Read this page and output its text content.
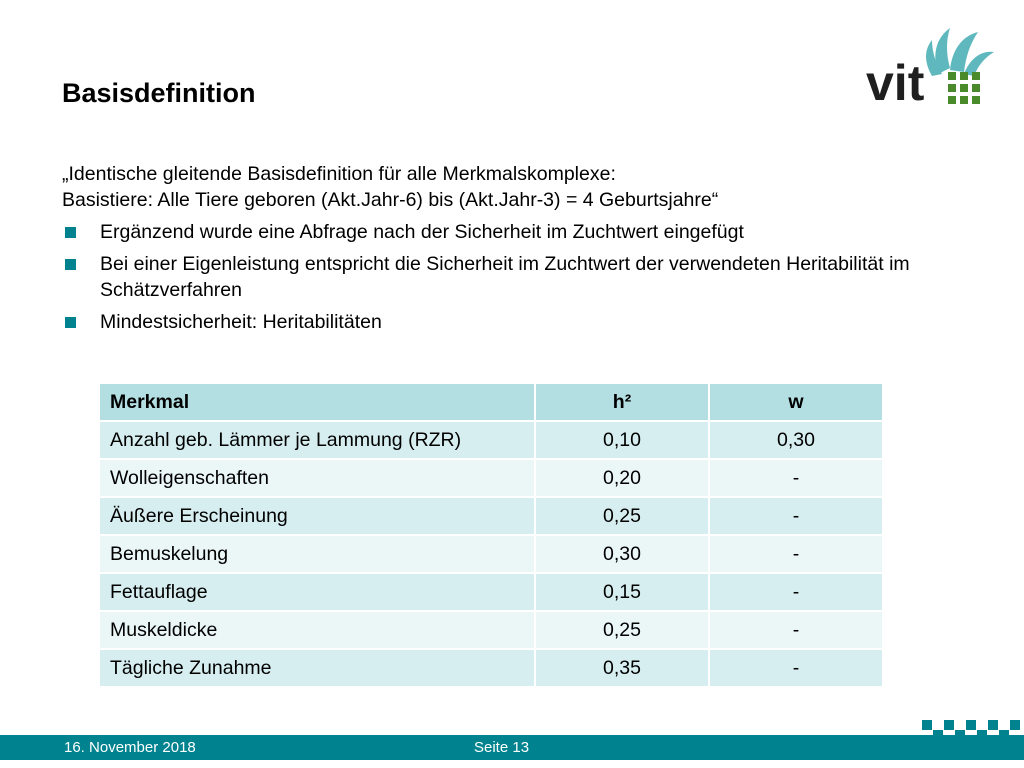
Basisdefinition	vit
„Identische gleitende Basisdefinition für alle Merkmalskomplexe:
Basistiere: Alle Tiere geboren (Akt.Jahr-6) bis (Akt.Jahr-3) = 4 Geburtsjahre“
Ergänzend wurde eine Abfrage nach der Sicherheit im Zuchtwert eingefügt
Bei einer Eigenleistung entspricht die Sicherheit im Zuchtwert der verwendeten Heritabilität im Schätzverfahren
Mindestsicherheit: Heritabilitäten
Merkmal	h²	w
Anzahl geb. Lämmer je Lammung (RZR)	0,10	0,30
Wolleigenschaften	0,20	-
Äußere Erscheinung	0,25	-
Bemuskelung	0,30	-
Fettauflage	0,15	-
Muskeldicke	0,25	-
Tägliche Zunahme	0,35	-
16. November 2018	Seite 13
